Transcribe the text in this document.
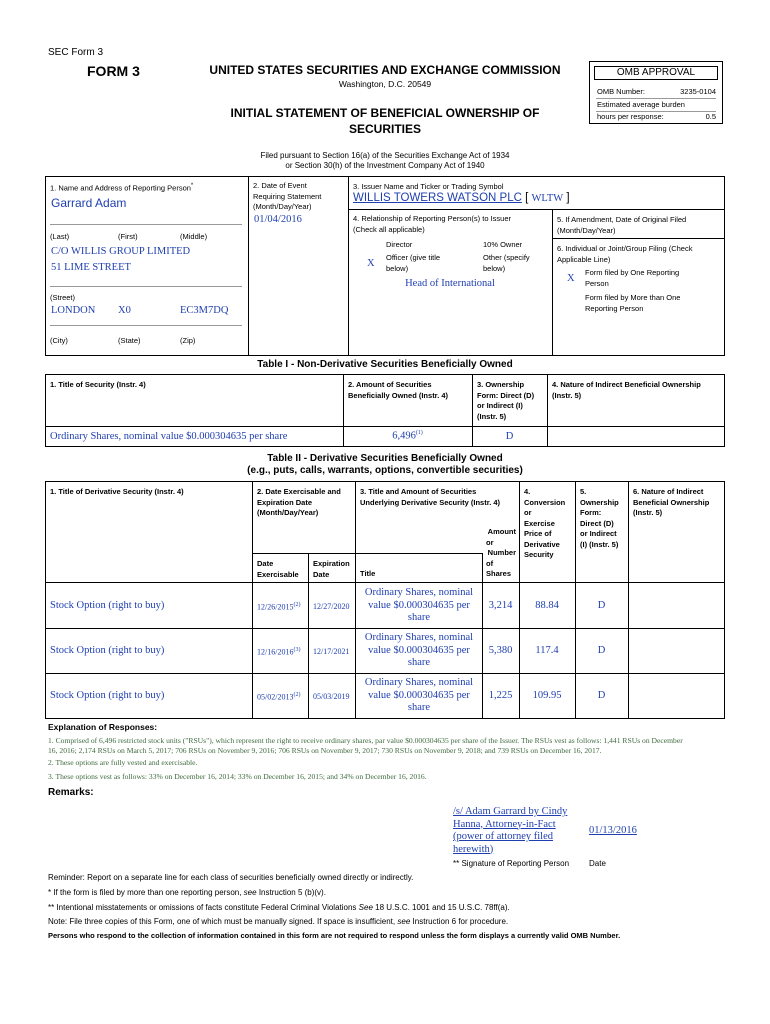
SEC Form 3
FORM 3	UNITED STATES SECURITIES AND EXCHANGE COMMISSION
Washington, D.C. 20549
INITIAL STATEMENT OF BENEFICIAL OWNERSHIP OF
SECURITIES
OMB APPROVAL
OMB Number:	3235-0104
Estimated average burden
hours per response:	0.5
Filed pursuant to Section 16(a) of the Securities Exchange Act of 1934
or Section 30(h) of the Investment Company Act of 1940
1. Name and Address of Reporting Person*
Garrard Adam
(Last)	(First)	(Middle)
C/O WILLIS GROUP LIMITED
51 LIME STREET
(Street)
LONDON X0	EC3M7DQ
(City)	(State)	(Zip)
2. Date of Event
Requiring Statement
(Month/Day/Year)
01/04/2016
3. Issuer Name and Ticker or Trading Symbol
WILLIS TOWERS WATSON PLC [ WLTW ]
4. Relationship of Reporting Person(s) to Issuer
(Check all applicable)
Director	10% Owner
X
Officer (give title
below)
Other (specify
below)
Head of International
5. If Amendment, Date of Original Filed
(Month/Day/Year)
6. Individual or Joint/Group Filing (Check
Applicable Line)
X
Form filed by One Reporting
Person
Form filed by More than One
Reporting Person
Table I - Non-Derivative Securities Beneficially Owned
1. Title of Security (Instr. 4)	2. Amount of Securities
Beneficially Owned (Instr. 4)
3. Ownership
Form: Direct (D)
or Indirect (I)
(Instr. 5)
4. Nature of Indirect Beneficial Ownership
(Instr. 5)
Ordinary Shares, nominal value $0.000304635 per share	6,496$^{(1)}$	D
Table II - Derivative Securities Beneficially Owned
(e.g., puts, calls, warrants, options, convertible securities)
1. Title of Derivative Security (Instr. 4)	2. Date Exercisable and
Expiration Date
(Month/Day/Year)
3. Title and Amount of Securities
Underlying Derivative Security (Instr. 4)
4.
Conversion
or
Exercise
Price of
Derivative
Security
5.
Ownership
Form:
Direct (D)
or Indirect
(I) (Instr. 5)
6. Nature of Indirect
Beneficial Ownership
(Instr. 5)
Date
Exercisable
Expiration
Date	Title
Amount
or
Number
of
Shares
Stock Option (right to buy)	12/26/2015$^{(2)}$ 12/27/2020
Ordinary Shares, nominal
value $0.000304635 per
share
3,214	88.84	D
Stock Option (right to buy)	12/16/2016$^{(3)}$ 12/17/2021
Ordinary Shares, nominal
value $0.000304635 per
share
5,380	117.4	D
Stock Option (right to buy)	05/02/2013$^{(2)}$ 05/03/2019
Ordinary Shares, nominal
value $0.000304635 per
share
1,225	109.95	D
Explanation of Responses:
1. Comprised of 6,496 restricted stock units ("RSUs"), which represent the right to receive ordinary shares, par value $0.000304635 per share of the Issuer. The RSUs vest as follows: 1,441 RSUs on December
16, 2016; 2,174 RSUs on March 5, 2017; 706 RSUs on November 9, 2016; 706 RSUs on November 9, 2017; 730 RSUs on November 9, 2018; and 739 RSUs on December 16, 2017.
2. These options are fully vested and exercisable.
3. These options vest as follows: 33% on December 16, 2014; 33% on December 16, 2015; and 34% on December 16, 2016.
Remarks:
/s/ Adam Garrard by Cindy
Hanna, Attorney-in-Fact
(power of attorney filed
herewith)
01/13/2016
** Signature of Reporting Person Date
Reminder: Report on a separate line for each class of securities beneficially owned directly or indirectly.
* If the form is filed by more than one reporting person, see Instruction 5 (b)(v).
** Intentional misstatements or omissions of facts constitute Federal Criminal Violations See 18 U.S.C. 1001 and 15 U.S.C. 78ff(a).
Note: File three copies of this Form, one of which must be manually signed. If space is insufficient, see Instruction 6 for procedure.
Persons who respond to the collection of information contained in this form are not required to respond unless the form displays a currently valid OMB Number.
